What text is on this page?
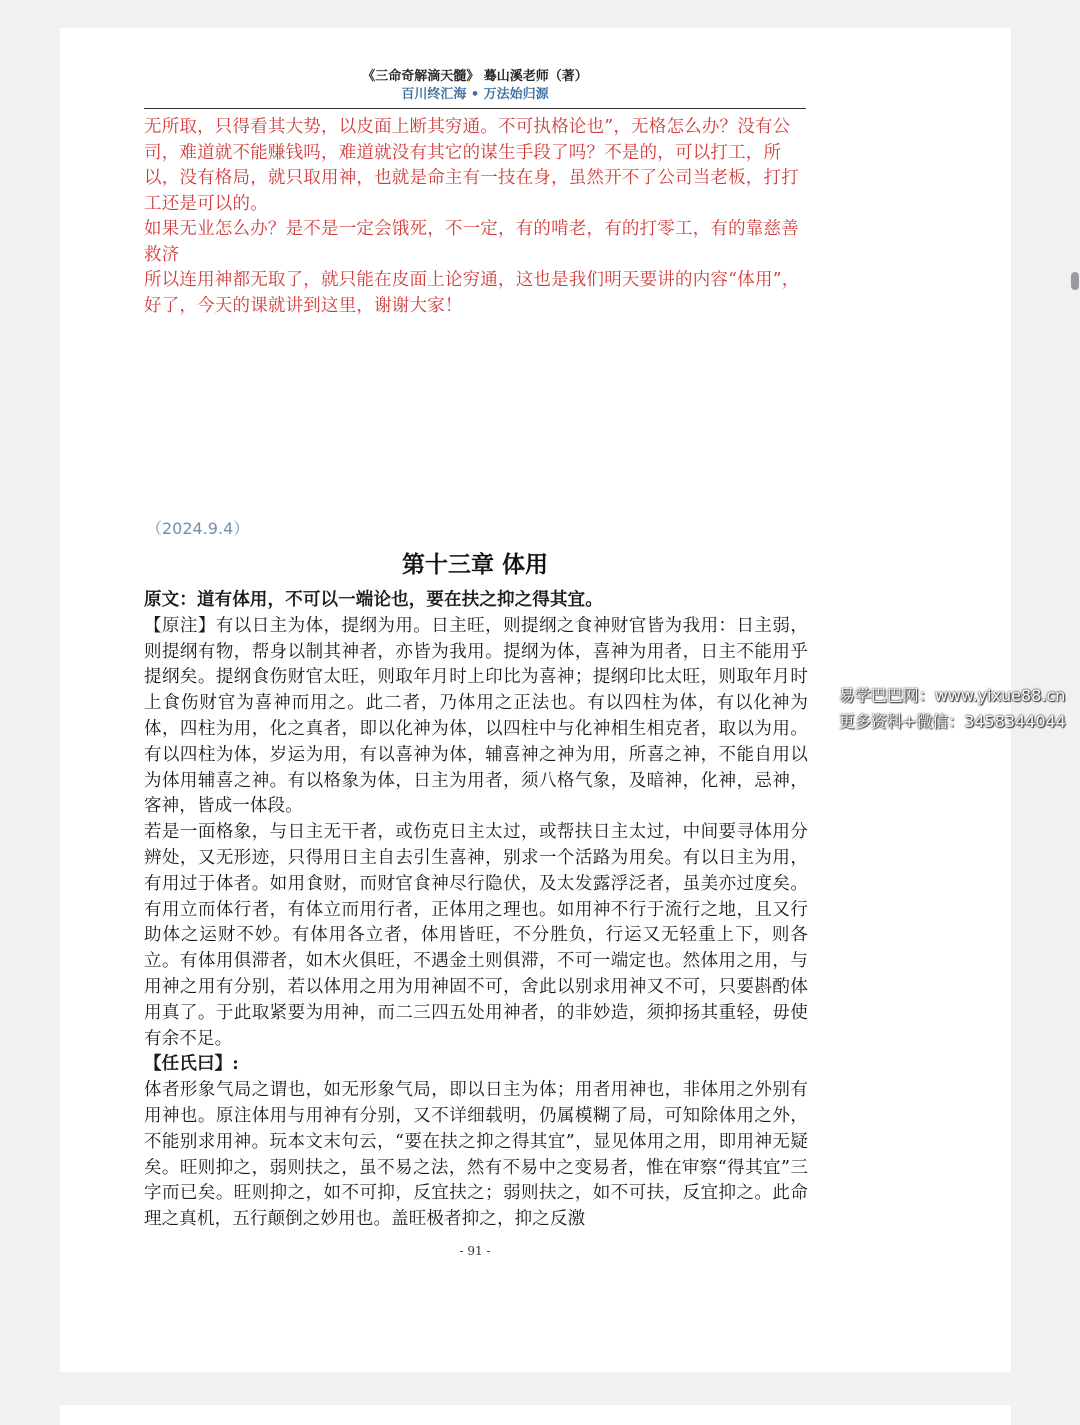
《三命奇解滴天髓》 蓦山溪老师（著）
百川终汇海 • 万法始归源

无所取，只得看其大势，以皮面上断其穷通。不可执格论也”，无格怎么办？没有公司，难道就不能赚钱吗，难道就没有其它的谋生手段了吗？不是的，可以打工，所以，没有格局，就只取用神，也就是命主有一技在身，虽然开不了公司当老板，打打工还是可以的。

如果无业怎么办？是不是一定会饿死，不一定，有的啃老，有的打零工，有的靠慈善救济

所以连用神都无取了，就只能在皮面上论穷通，这也是我们明天要讲的内容“体用”，好了，今天的课就讲到这里，谢谢大家！

（2024.9.4）
第十三章 体用

原文：道有体用，不可以一端论也，要在扶之抑之得其宜。

【原注】有以日主为体，提纲为用。日主旺，则提纲之食神财官皆为我用：日主弱，则提纲有物，帮身以制其神者，亦皆为我用。提纲为体，喜神为用者，日主不能用乎提纲矣。提纲食伤财官太旺，则取年月时上印比为喜神；提纲印比太旺，则取年月时上食伤财官为喜神而用之。此二者，乃体用之正法也。有以四柱为体，有以化神为体，四柱为用，化之真者，即以化神为体，以四柱中与化神相生相克者，取以为用。有以四柱为体，岁运为用，有以喜神为体，辅喜神之神为用，所喜之神，不能自用以为体用辅喜之神。有以格象为体，日主为用者，须八格气象，及暗神，化神，忌神，客神，皆成一体段。

若是一面格象，与日主无干者，或伤克日主太过，或帮扶日主太过，中间要寻体用分辨处，又无形迹，只得用日主自去引生喜神，别求一个活路为用矣。有以日主为用，有用过于体者。如用食财，而财官食神尽行隐伏，及太发露浮泛者，虽美亦过度矣。有用立而体行者，有体立而用行者，正体用之理也。如用神不行于流行之地，且又行助体之运财不妙。有体用各立者，体用皆旺，不分胜负，行运又无轻重上下，则各立。有体用俱滞者，如木火俱旺，不遇金土则俱滞，不可一端定也。然体用之用，与用神之用有分别，若以体用之用为用神固不可，舍此以别求用神又不可，只要斟酌体用真了。于此取紧要为用神，而二三四五处用神者，的非妙造，须抑扬其重轻，毋使有余不足。

【任氏曰】:

体者形象气局之谓也，如无形象气局，即以日主为体；用者用神也，非体用之外别有用神也。原注体用与用神有分别，又不详细载明，仍属模糊了局，可知除体用之外，不能别求用神。玩本文末句云，“要在扶之抑之得其宜”，显见体用之用，即用神无疑矣。旺则抑之，弱则扶之，虽不易之法，然有不易中之变易者，惟在审察“得其宜”三字而已矣。旺则抑之，如不可抑，反宜扶之；弱则扶之，如不可扶，反宜抑之。此命理之真机，五行颠倒之妙用也。盖旺极者抑之，抑之反激

- 91 -
易学巴巴网：www.yixue88.cn
更多资料+微信：3458344044
